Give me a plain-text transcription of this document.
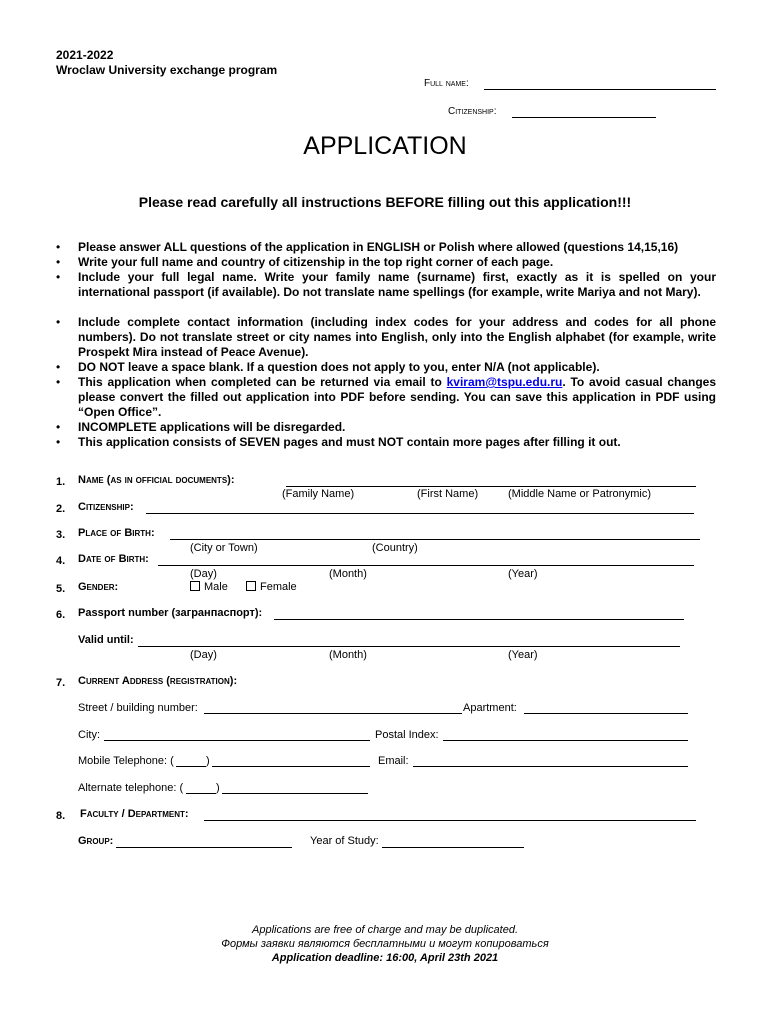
2021-2022
Wroclaw University exchange program
Full name:
Citizenship:
APPLICATION
Please read carefully all instructions BEFORE filling out this application!!!
• Please answer ALL questions of the application in ENGLISH or Polish where allowed (questions 14,15,16)
• Write your full name and country of citizenship in the top right corner of each page.
• Include your full legal name. Write your family name (surname) first, exactly as it is spelled on your international passport (if available). Do not translate name spellings (for example, write Mariya and not Mary).
• Include complete contact information (including index codes for your address and codes for all phone numbers). Do not translate street or city names into English, only into the English alphabet (for example, write Prospekt Mira instead of Peace Avenue).
• DO NOT leave a space blank. If a question does not apply to you, enter N/A (not applicable).
• This application when completed can be returned via email to kviram@tspu.edu.ru. To avoid casual changes please convert the filled out application into PDF before sending. You can save this application in PDF using “Open Office”.
• INCOMPLETE applications will be disregarded.
• This application consists of SEVEN pages and must NOT contain more pages after filling it out.
1. Name (as in official documents):
(Family Name)	(First Name)	(Middle Name or Patronymic)
2. Citizenship:
3. Place of Birth:
(City or Town)	(Country)
4. Date of Birth:
(Day)	(Month)	(Year)
5. Gender:	Male	Female
6. Passport number (загранпаспорт):
Valid until:
(Day)	(Month)	(Year)
7. Current Address (registration):
Street / building number:	Apartment:
City:	Postal Index:
Mobile Telephone: (	)	Email:
Alternate telephone: (	)
8. Faculty / Department:
Group:	Year of Study:
Applications are free of charge and may be duplicated.
Формы заявки являются бесплатными и могут копироваться
Application deadline: 16:00, April 23th 2021
